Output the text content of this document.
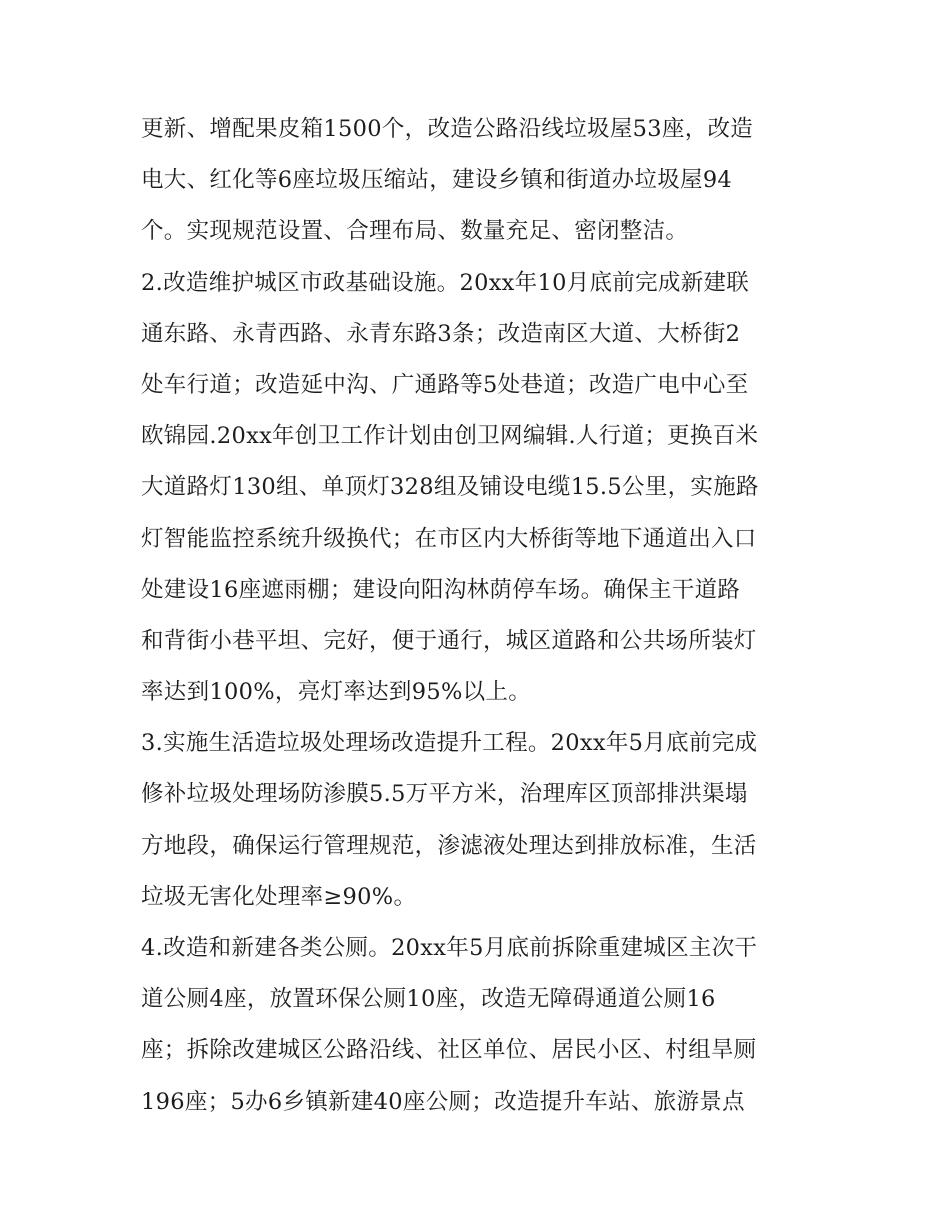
更新、增配果皮箱1500个，改造公路沿线垃圾屋53座，改造
电大、红化等6座垃圾压缩站，建设乡镇和街道办垃圾屋94
个。实现规范设置、合理布局、数量充足、密闭整洁。
2.改造维护城区市政基础设施。20xx年10月底前完成新建联
通东路、永青西路、永青东路3条；改造南区大道、大桥街2
处车行道；改造延中沟、广通路等5处巷道；改造广电中心至
欧锦园.20xx年创卫工作计划由创卫网编辑.人行道；更换百米
大道路灯130组、单顶灯328组及铺设电缆15.5公里，实施路
灯智能监控系统升级换代；在市区内大桥街等地下通道出入口
处建设16座遮雨棚；建设向阳沟林荫停车场。确保主干道路
和背街小巷平坦、完好，便于通行，城区道路和公共场所装灯
率达到100%，亮灯率达到95%以上。
3.实施生活造垃圾处理场改造提升工程。20xx年5月底前完成
修补垃圾处理场防渗膜5.5万平方米，治理库区顶部排洪渠塌
方地段，确保运行管理规范，渗滤液处理达到排放标准，生活
垃圾无害化处理率≥90%。
4.改造和新建各类公厕。20xx年5月底前拆除重建城区主次干
道公厕4座，放置环保公厕10座，改造无障碍通道公厕16
座；拆除改建城区公路沿线、社区单位、居民小区、村组旱厕
196座；5办6乡镇新建40座公厕；改造提升车站、旅游景点
